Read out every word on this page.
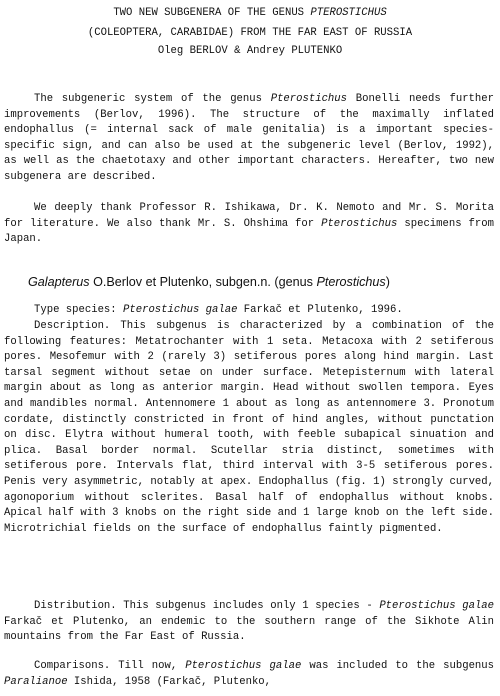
TWO NEW SUBGENERA OF THE GENUS PTEROSTICHUS

(COLEOPTERA, CARABIDAE) FROM THE FAR EAST OF RUSSIA

Oleg BERLOV & Andrey PLUTENKO

The subgeneric system of the genus Pterostichus Bonelli needs further improvements (Berlov, 1996). The structure of the maximally inflated endophallus (= internal sack of male genitalia) is a important species-specific sign, and can also be used at the subgeneric level (Berlov, 1992), as well as the chaetotaxy and other important characters. Hereafter, two new subgenera are described.

We deeply thank Professor R. Ishikawa, Dr. K. Nemoto and Mr. S. Morita for literature. We also thank Mr. S. Ohshima for Pterostichus specimens from Japan.

Galapterus O.Berlov et Plutenko, subgen.n. (genus Pterostichus)

Type species: Pterostichus galae Farkač et Plutenko, 1996.

Description. This subgenus is characterized by a combination of the following features: Metatrochanter with 1 seta. Metacoxa with 2 setiferous pores. Mesofemur with 2 (rarely 3) setiferous pores along hind margin. Last tarsal segment without setae on under surface. Metepisternum with lateral margin about as long as anterior margin. Head without swollen tempora. Eyes and mandibles normal. Antennomere 1 about as long as antennomere 3. Pronotum cordate, distinctly constricted in front of hind angles, without punctation on disc. Elytra without humeral tooth, with feeble subapical sinuation and plica. Basal border normal. Scutellar stria distinct, sometimes with setiferous pore. Intervals flat, third interval with 3-5 setiferous pores. Penis very asymmetric, notably at apex. Endophallus (fig. 1) strongly curved, agonoporium without sclerites. Basal half of endophallus without knobs. Apical half with 3 knobs on the right side and 1 large knob on the left side. Microtrichial fields on the surface of endophallus faintly pigmented.

Distribution. This subgenus includes only 1 species - Pterostichus galae Farkač et Plutenko, an endemic to the southern range of the Sikhote Alin mountains from the Far East of Russia.

Comparisons. Till now, Pterostichus galae was included to the subgenus Paralianoe Ishida, 1958 (Farkač, Plutenko,
